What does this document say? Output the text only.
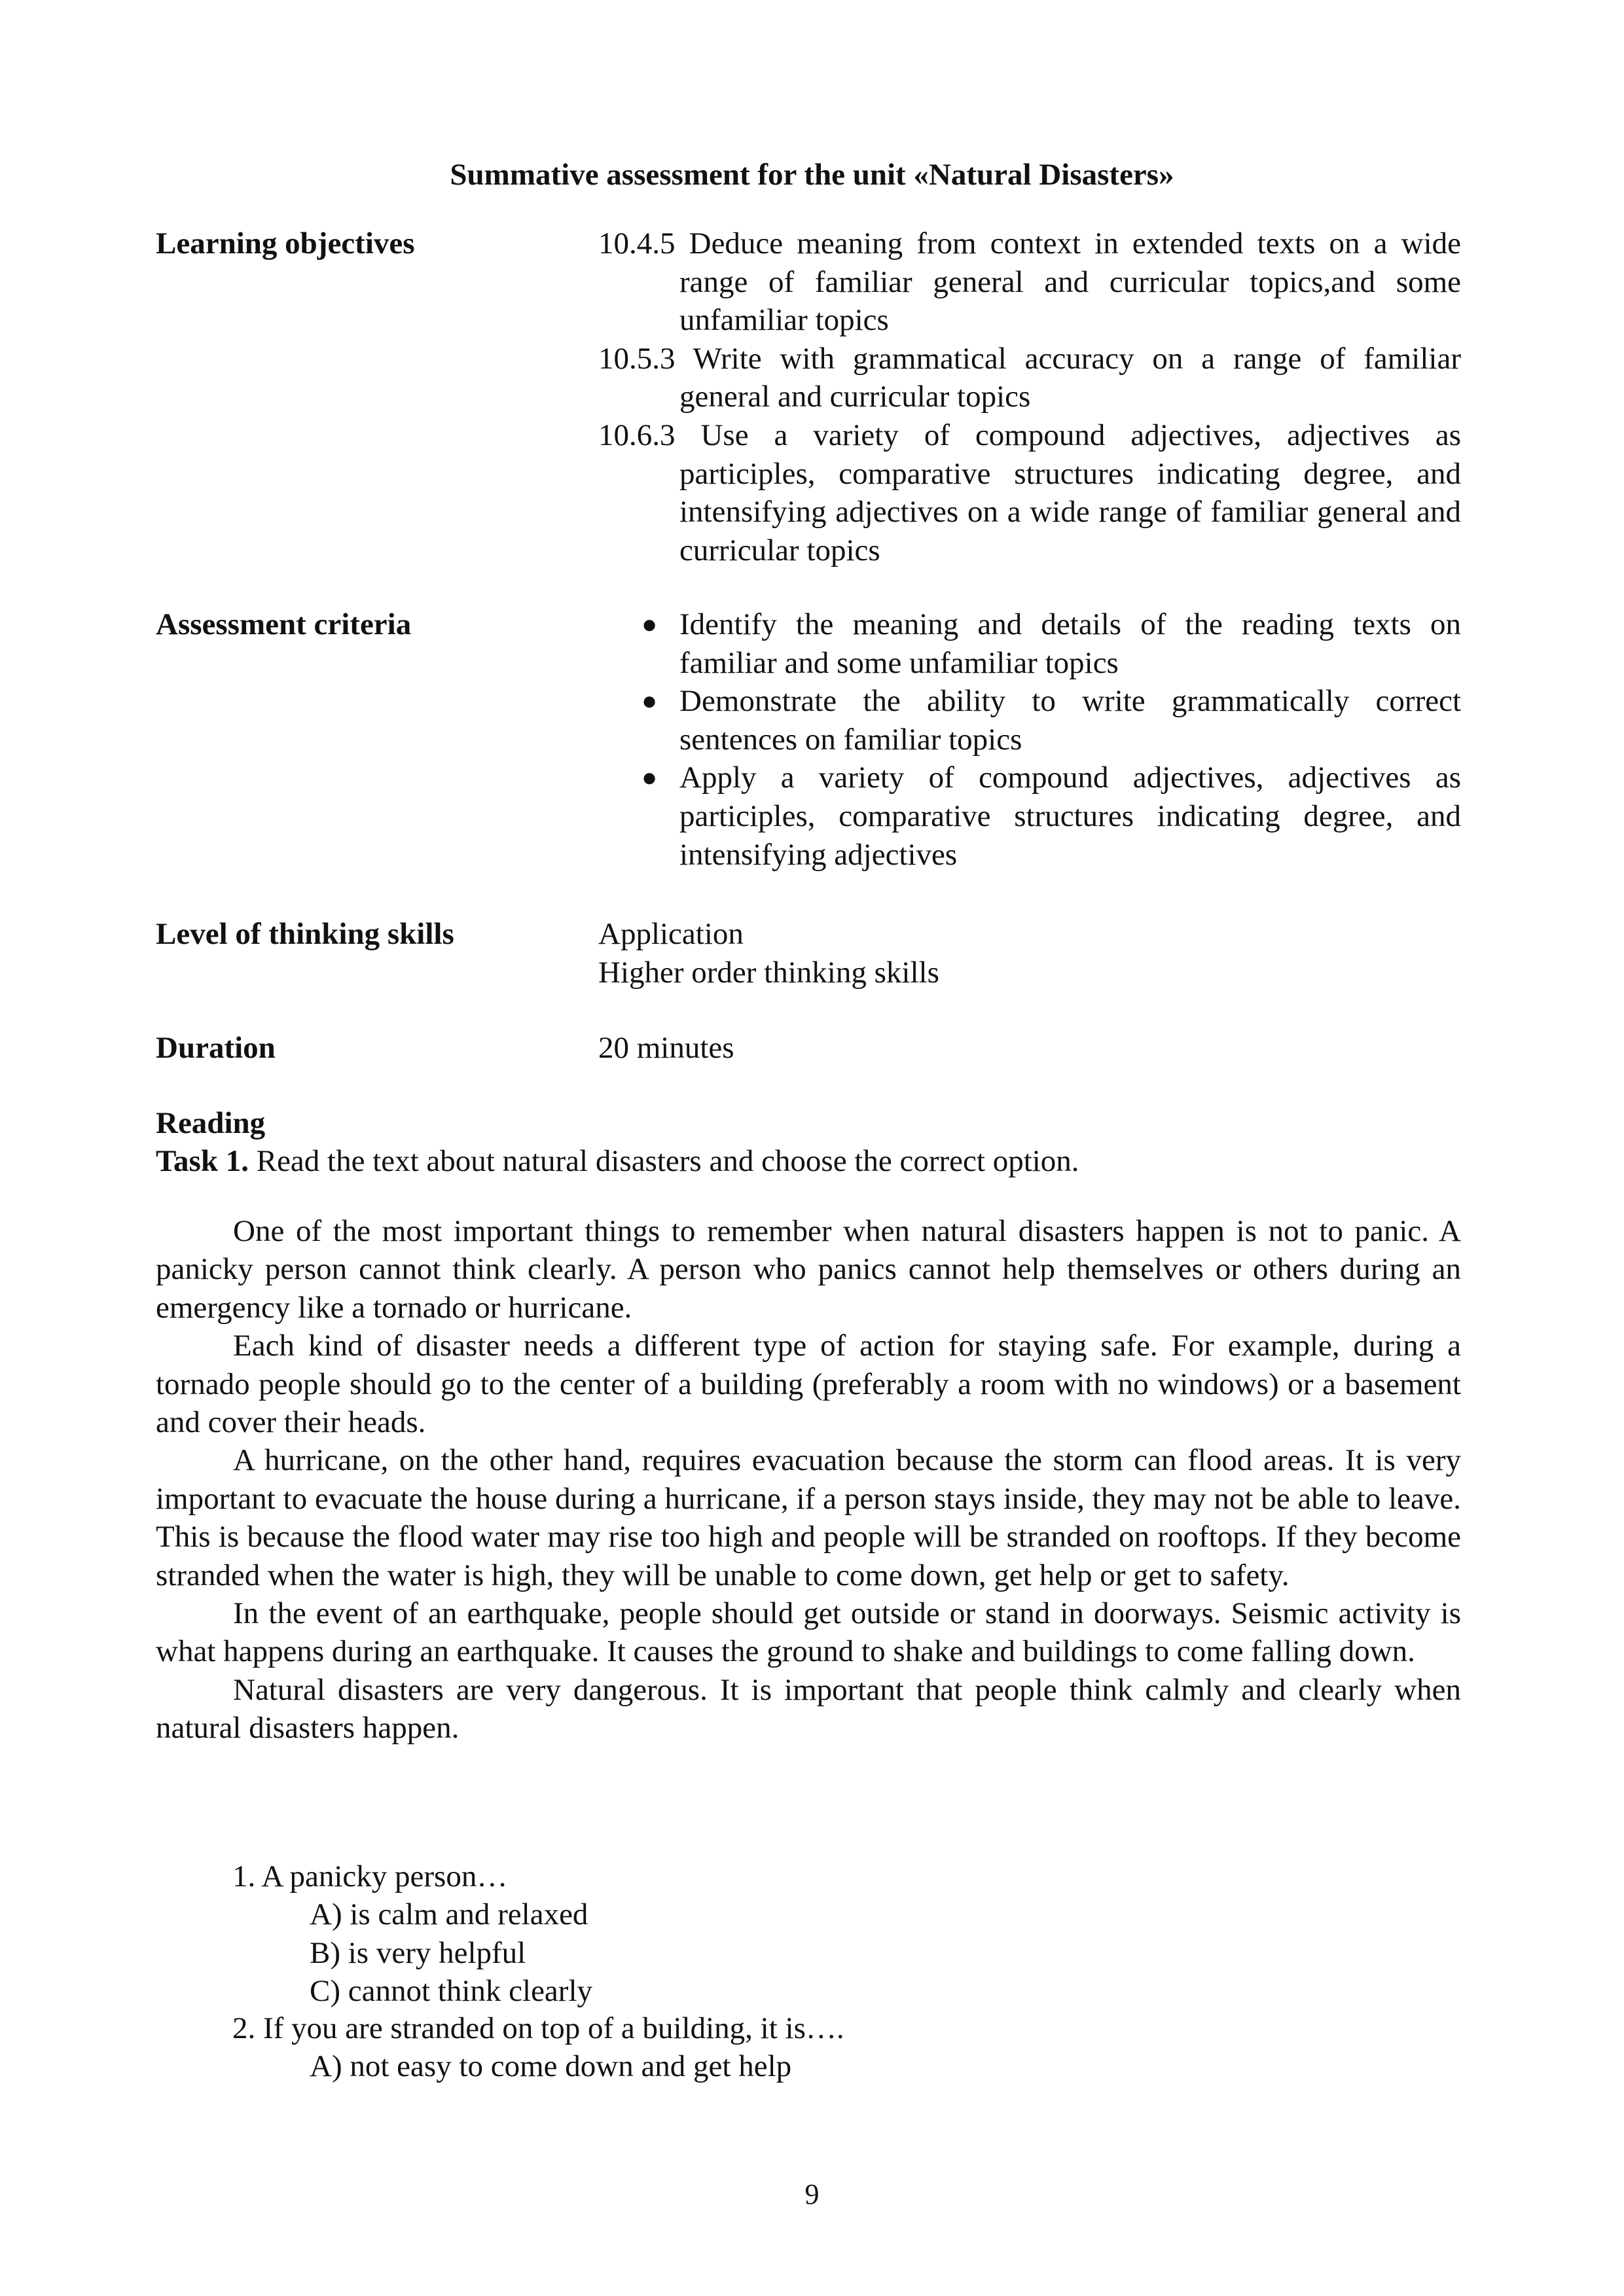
Summative assessment for the unit «Natural Disasters»
Learning objectives	10.4.5 Deduce meaning from context in extended texts on a wide range of familiar general and curricular topics,and some unfamiliar topics
10.5.3 Write with grammatical accuracy on a range of familiar general and curricular topics
10.6.3 Use a variety of compound adjectives, adjectives as participles, comparative structures indicating degree, and intensifying adjectives on a wide range of familiar general and curricular topics
Assessment criteria	● Identify the meaning and details of the reading texts on familiar and some unfamiliar topics
● Demonstrate the ability to write grammatically correct sentences on familiar topics
● Apply a variety of compound adjectives, adjectives as participles, comparative structures indicating degree, and intensifying adjectives
Level of thinking skills	Application
Higher order thinking skills
Duration	20 minutes
Reading
Task 1. Read the text about natural disasters and choose the correct option.

One of the most important things to remember when natural disasters happen is not to panic. A panicky person cannot think clearly. A person who panics cannot help themselves or others during an emergency like a tornado or hurricane.

Each kind of disaster needs a different type of action for staying safe. For example, during a tornado people should go to the center of a building (preferably a room with no windows) or a basement and cover their heads.

A hurricane, on the other hand, requires evacuation because the storm can flood areas. It is very important to evacuate the house during a hurricane, if a person stays inside, they may not be able to leave. This is because the flood water may rise too high and people will be stranded on rooftops. If they become stranded when the water is high, they will be unable to come down, get help or get to safety.

In the event of an earthquake, people should get outside or stand in doorways. Seismic activity is what happens during an earthquake. It causes the ground to shake and buildings to come falling down.

Natural disasters are very dangerous. It is important that people think calmly and clearly when natural disasters happen.

1. A panicky person…
A) is calm and relaxed
B) is very helpful
C) cannot think clearly
2. If you are stranded on top of a building, it is….
A) not easy to come down and get help
9
